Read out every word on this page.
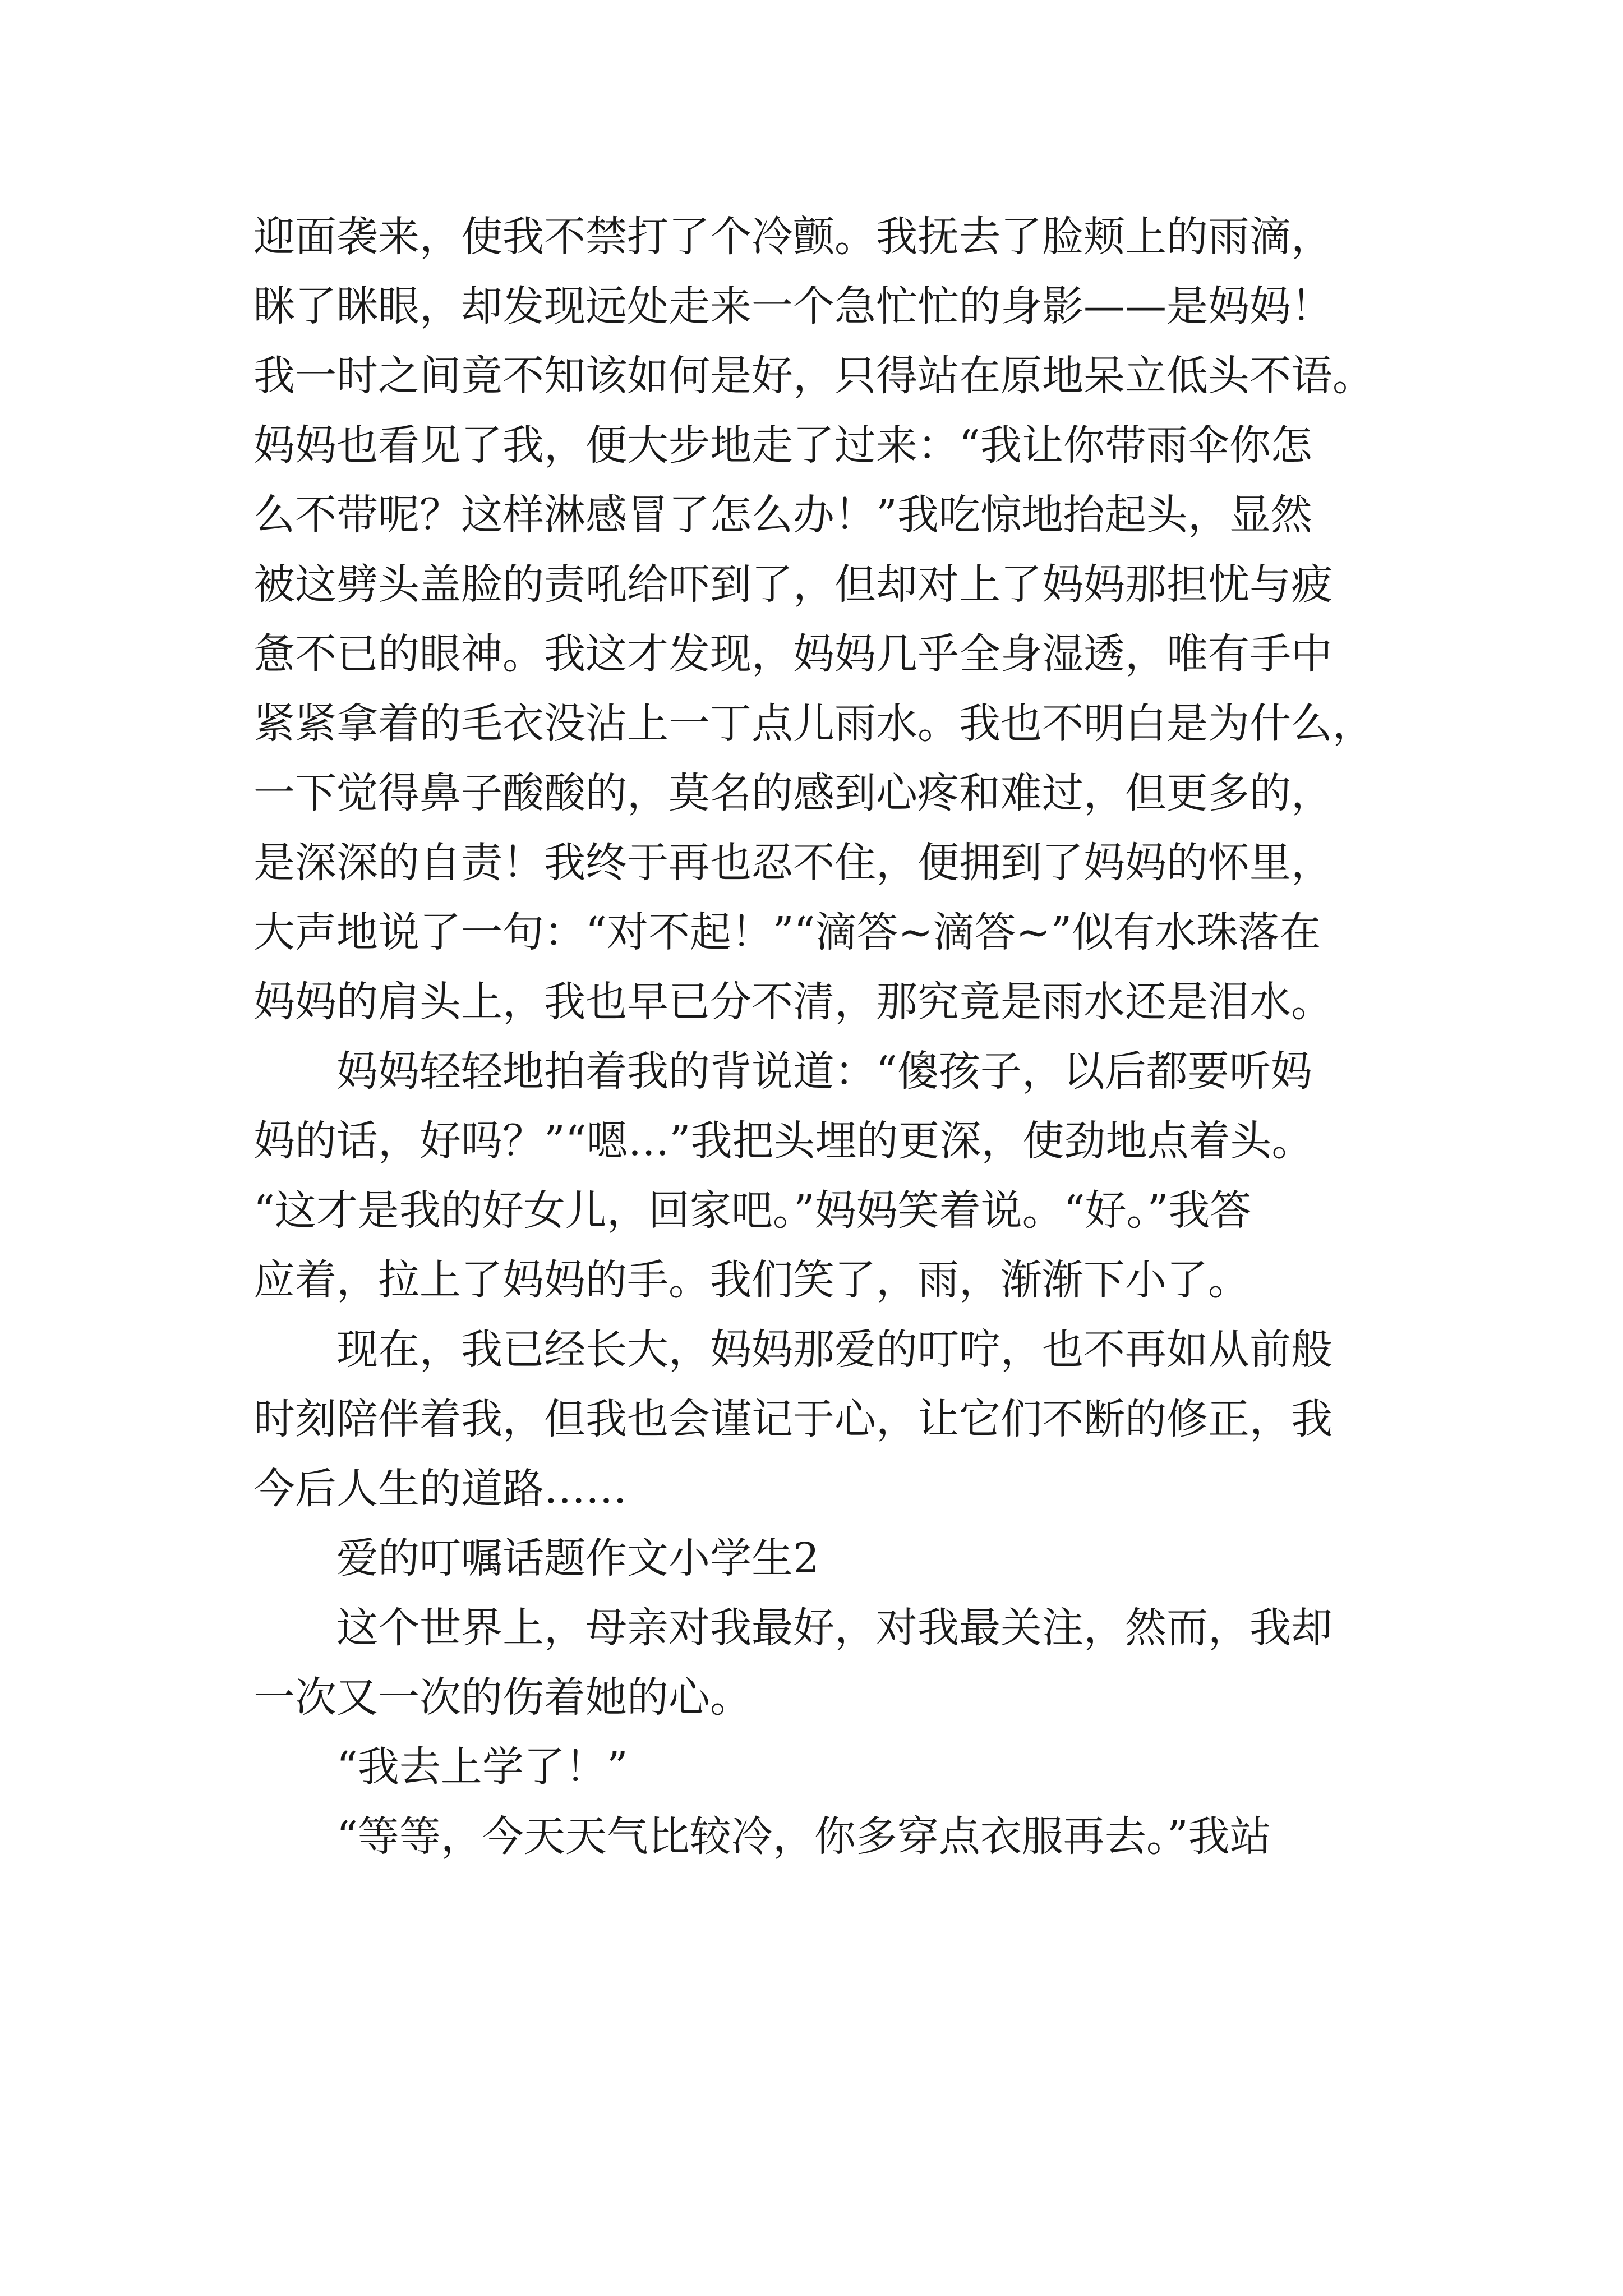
迎面袭来，使我不禁打了个冷颤。我抚去了脸颊上的雨滴，
眯了眯眼，却发现远处走来一个急忙忙的身影——是妈妈！
我一时之间竟不知该如何是好，只得站在原地呆立低头不语。
妈妈也看见了我，便大步地走了过来：“我让你带雨伞你怎
么不带呢？这样淋感冒了怎么办！”我吃惊地抬起头，显然
被这劈头盖脸的责吼给吓到了，但却对上了妈妈那担忧与疲
惫不已的眼神。我这才发现，妈妈几乎全身湿透，唯有手中
紧紧拿着的毛衣没沾上一丁点儿雨水。我也不明白是为什么，
一下觉得鼻子酸酸的，莫名的感到心疼和难过，但更多的，
是深深的自责！我终于再也忍不住，便拥到了妈妈的怀里，
大声地说了一句：“对不起！”“滴答~滴答~”似有水珠落在
妈妈的肩头上，我也早已分不清，那究竟是雨水还是泪水。
　　妈妈轻轻地拍着我的背说道：“傻孩子，以后都要听妈
妈的话，好吗？”“嗯…”我把头埋的更深，使劲地点着头。
“这才是我的好女儿，回家吧。”妈妈笑着说。“好。”我答
应着，拉上了妈妈的手。我们笑了，雨，渐渐下小了。
　　现在，我已经长大，妈妈那爱的叮咛，也不再如从前般
时刻陪伴着我，但我也会谨记于心，让它们不断的修正，我
今后人生的道路……
　　爱的叮嘱话题作文小学生2
　　这个世界上，母亲对我最好，对我最关注，然而，我却
一次又一次的伤着她的心。
　　“我去上学了！”
　　“等等，今天天气比较冷，你多穿点衣服再去。”我站
